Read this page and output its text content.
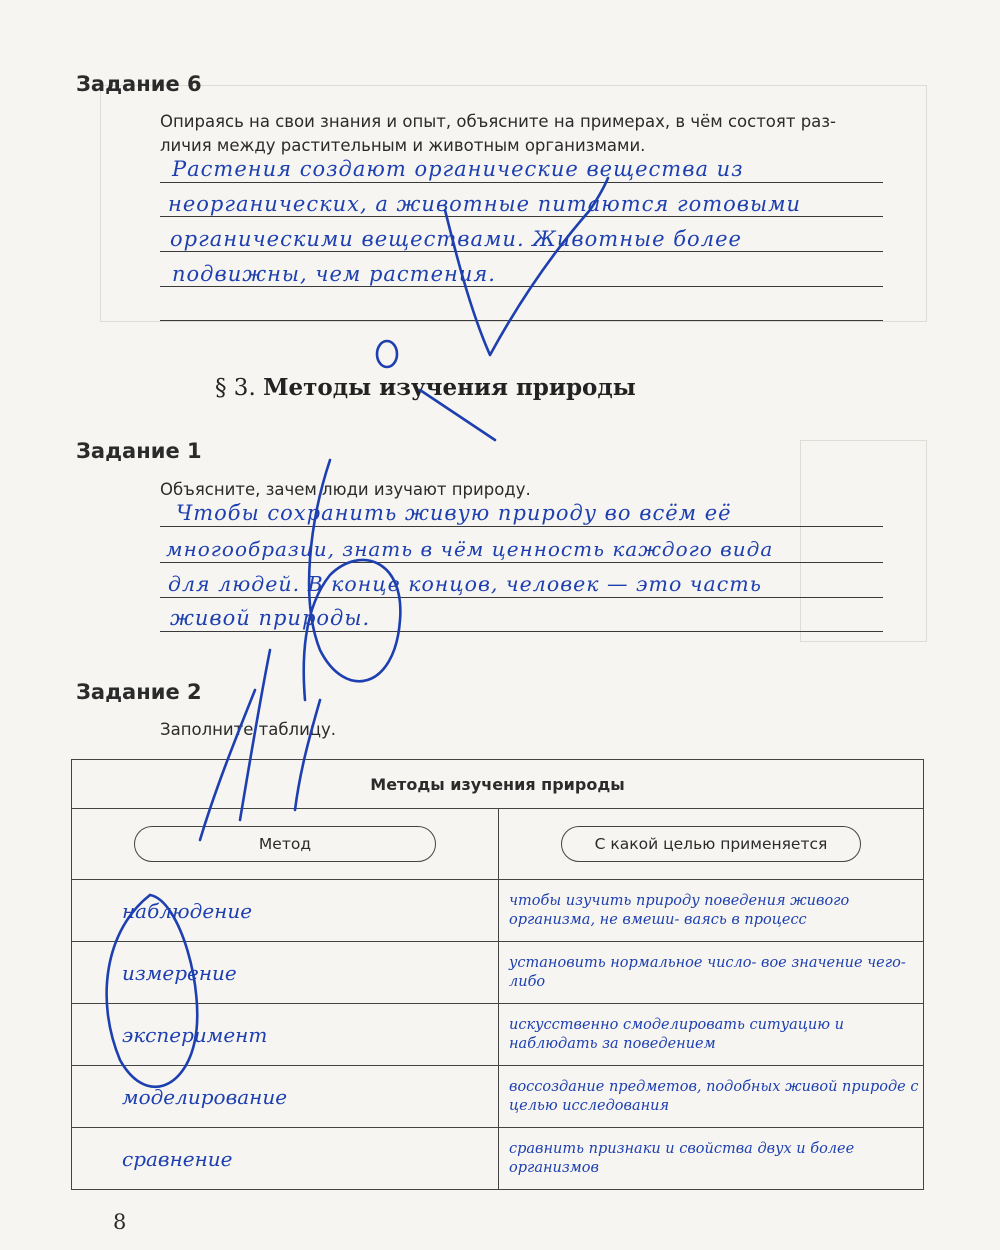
Задание 6
Опираясь на свои знания и опыт, объясните на примерах, в чём состоят раз-
личия между растительным и животным организмами.
Растения создают органические вещества из
неорганических, а животные питаются готовыми
органическими веществами. Животные более
подвижны, чем растения.
§ 3. Методы изучения природы
Задание 1
Объясните, зачем люди изучают природу.
Чтобы сохранить живую природу во всём её
многообразии, знать в чём ценность каждого вида
для людей. В конце концов, человек — это часть
живой природы.
Задание 2
Заполните таблицу.
Методы изучения природы	

Метод	С какой целью применяется

наблюдение	чтобы изучить природу поведения живого организма, не вмеши- ваясь в процесс

измерение	установить нормальное число- вое значение чего-либо

эксперимент	искусственно смоделировать ситуацию и наблюдать за поведением

моделирование	воссоздание предметов, подобных живой природе с целью исследования

сравнение	сравнить признаки и свойства двух и более организмов
8
